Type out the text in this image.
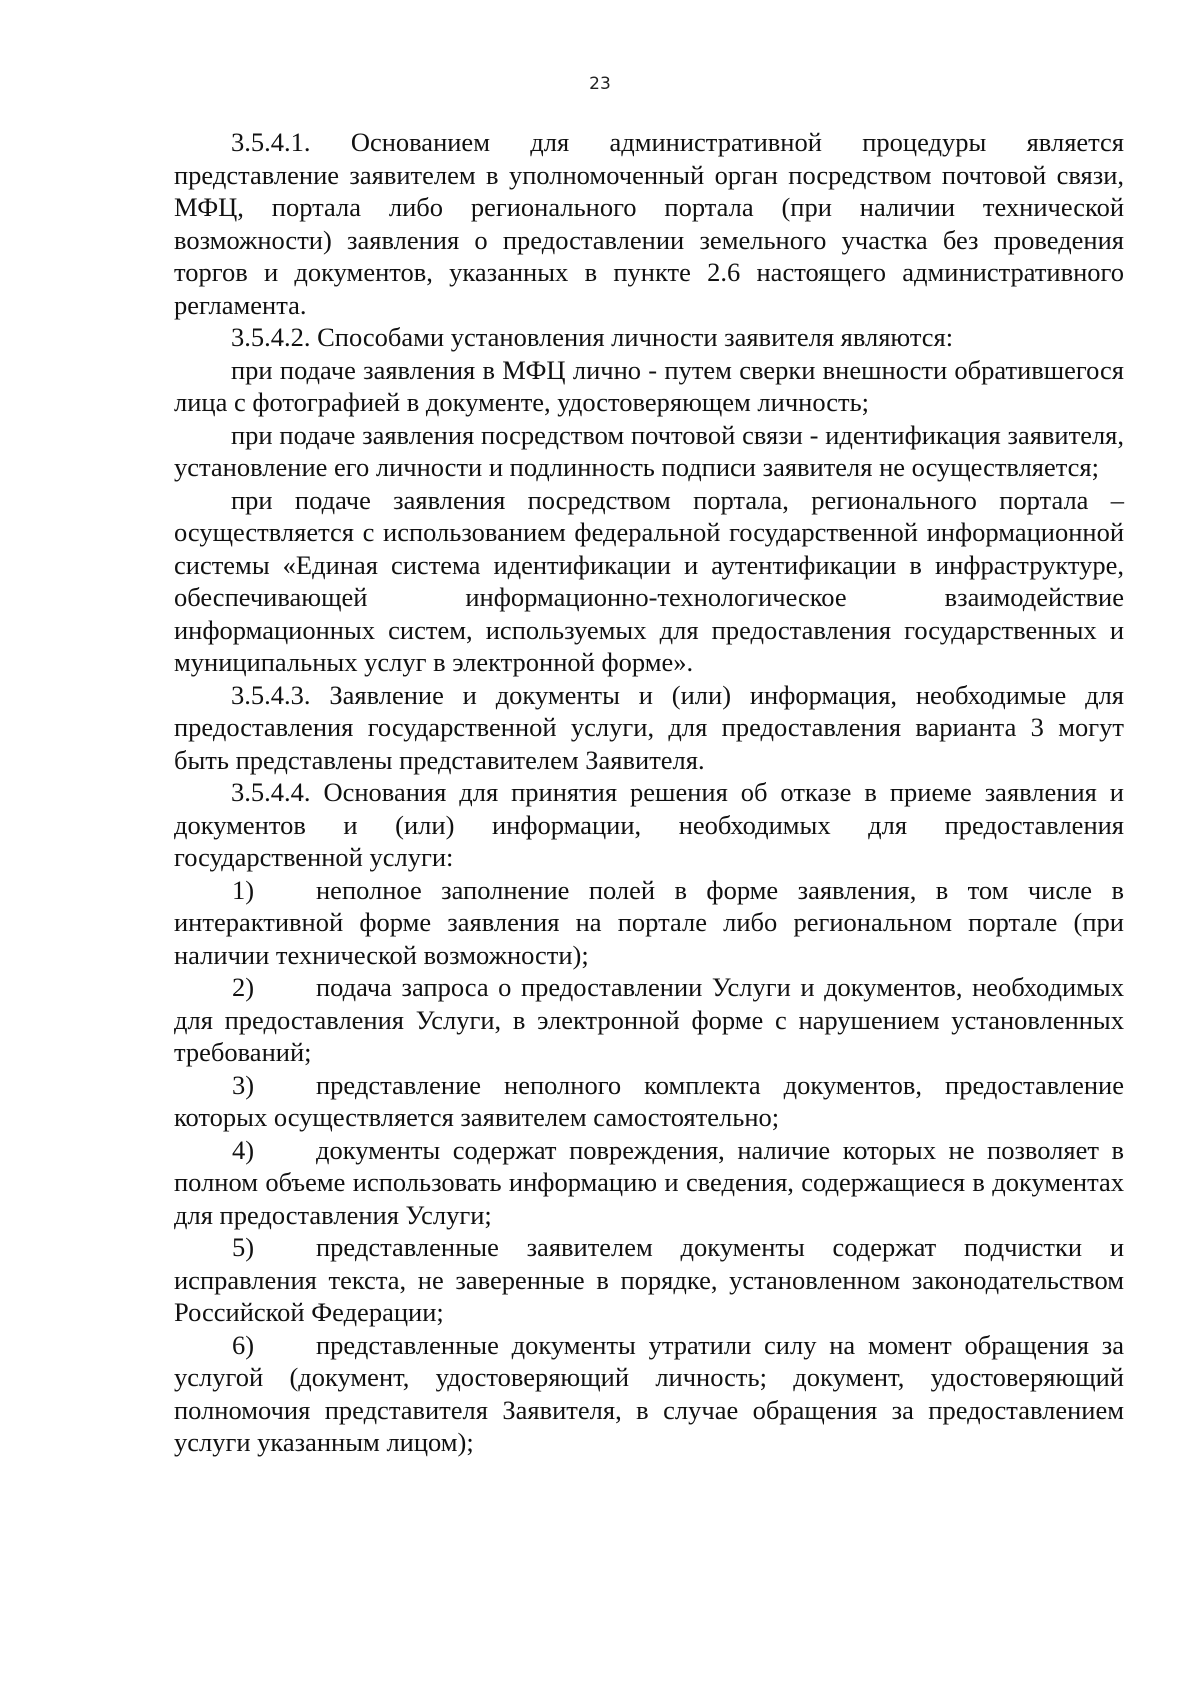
23

3.5.4.1. Основанием для административной процедуры является представление заявителем в уполномоченный орган посредством почтовой связи, МФЦ, портала либо регионального портала (при наличии технической возможности) заявления о предоставлении земельного участка без проведения торгов и документов, указанных в пункте 2.6 настоящего административного регламента.

3.5.4.2. Способами установления личности заявителя являются:

при подаче заявления в МФЦ лично - путем сверки внешности обратившегося лица с фотографией в документе, удостоверяющем личность;

при подаче заявления посредством почтовой связи - идентификация заявителя, установление его личности и подлинность подписи заявителя не осуществляется;

при подаче заявления посредством портала, регионального портала – осуществляется с использованием федеральной государственной информационной системы «Единая система идентификации и аутентификации в инфраструктуре, обеспечивающей информационно-технологическое взаимодействие информационных систем, используемых для предоставления государственных и муниципальных услуг в электронной форме».

3.5.4.3. Заявление и документы и (или) информация, необходимые для предоставления государственной услуги, для предоставления варианта 3 могут быть представлены представителем Заявителя.

3.5.4.4. Основания для принятия решения об отказе в приеме заявления и документов и (или) информации, необходимых для предоставления государственной услуги:

1) неполное заполнение полей в форме заявления, в том числе в интерактивной форме заявления на портале либо региональном портале (при наличии технической возможности);

2) подача запроса о предоставлении Услуги и документов, необходимых для предоставления Услуги, в электронной форме с нарушением установленных требований;

3) представление неполного комплекта документов, предоставление которых осуществляется заявителем самостоятельно;

4) документы содержат повреждения, наличие которых не позволяет в полном объеме использовать информацию и сведения, содержащиеся в документах для предоставления Услуги;

5) представленные заявителем документы содержат подчистки и исправления текста, не заверенные в порядке, установленном законодательством Российской Федерации;

6) представленные документы утратили силу на момент обращения за услугой (документ, удостоверяющий личность; документ, удостоверяющий полномочия представителя Заявителя, в случае обращения за предоставлением услуги указанным лицом);
